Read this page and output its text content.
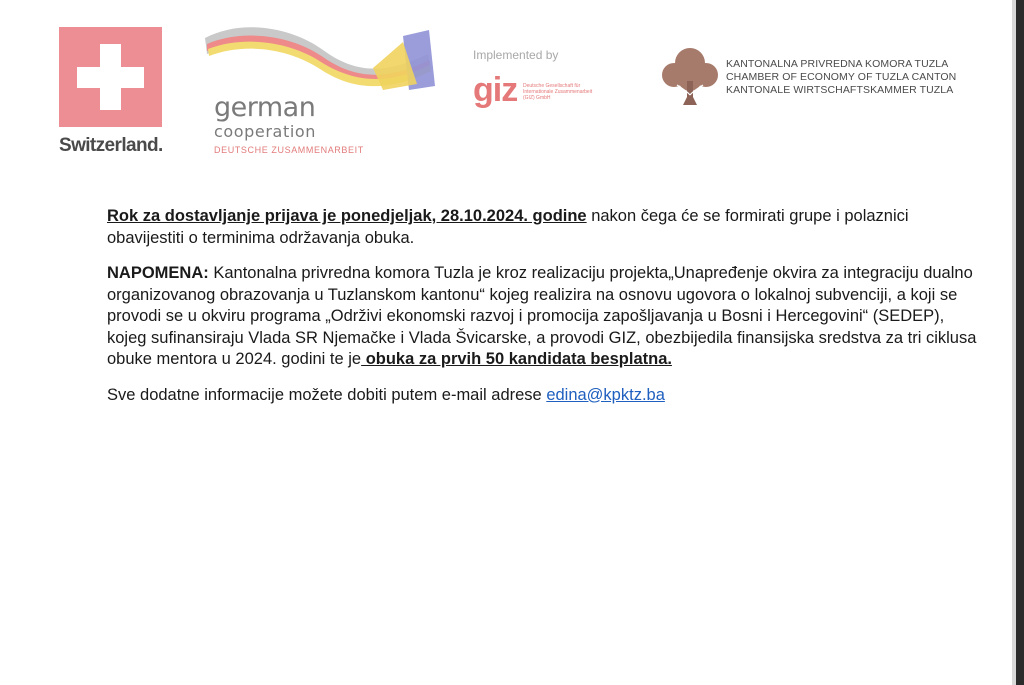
Switzerland.
german
cooperation
DEUTSCHE ZUSAMMENARBEIT
Implemented by
giz Deutsche Gesellschaft für Internationale Zusammenarbeit (GIZ) GmbH
KANTONALNA PRIVREDNA KOMORA TUZLA
CHAMBER OF ECONOMY OF TUZLA CANTON
KANTONALE WIRTSCHAFTSKAMMER TUZLA

Rok za dostavljanje prijava je ponedjeljak, 28.10.2024. godine nakon čega će se formirati grupe i polaznici obavijestiti o terminima održavanja obuka.

NAPOMENA: Kantonalna privredna komora Tuzla je kroz realizaciju projekta„Unapređenje okvira za integraciju dualno organizovanog obrazovanja u Tuzlanskom kantonu“ kojeg realizira na osnovu ugovora o lokalnoj subvenciji, a koji se provodi se u okviru programa „Održivi ekonomski razvoj i promocija zapošljavanja u Bosni i Hercegovini“ (SEDEP), kojeg sufinansiraju Vlada SR Njemačke i Vlada Švicarske, a provodi GIZ, obezbijedila finansijska sredstva za tri ciklusa obuke mentora u 2024. godini te je obuka za prvih 50 kandidata besplatna.

Sve dodatne informacije možete dobiti putem e-mail adrese edina@kpktz.ba
